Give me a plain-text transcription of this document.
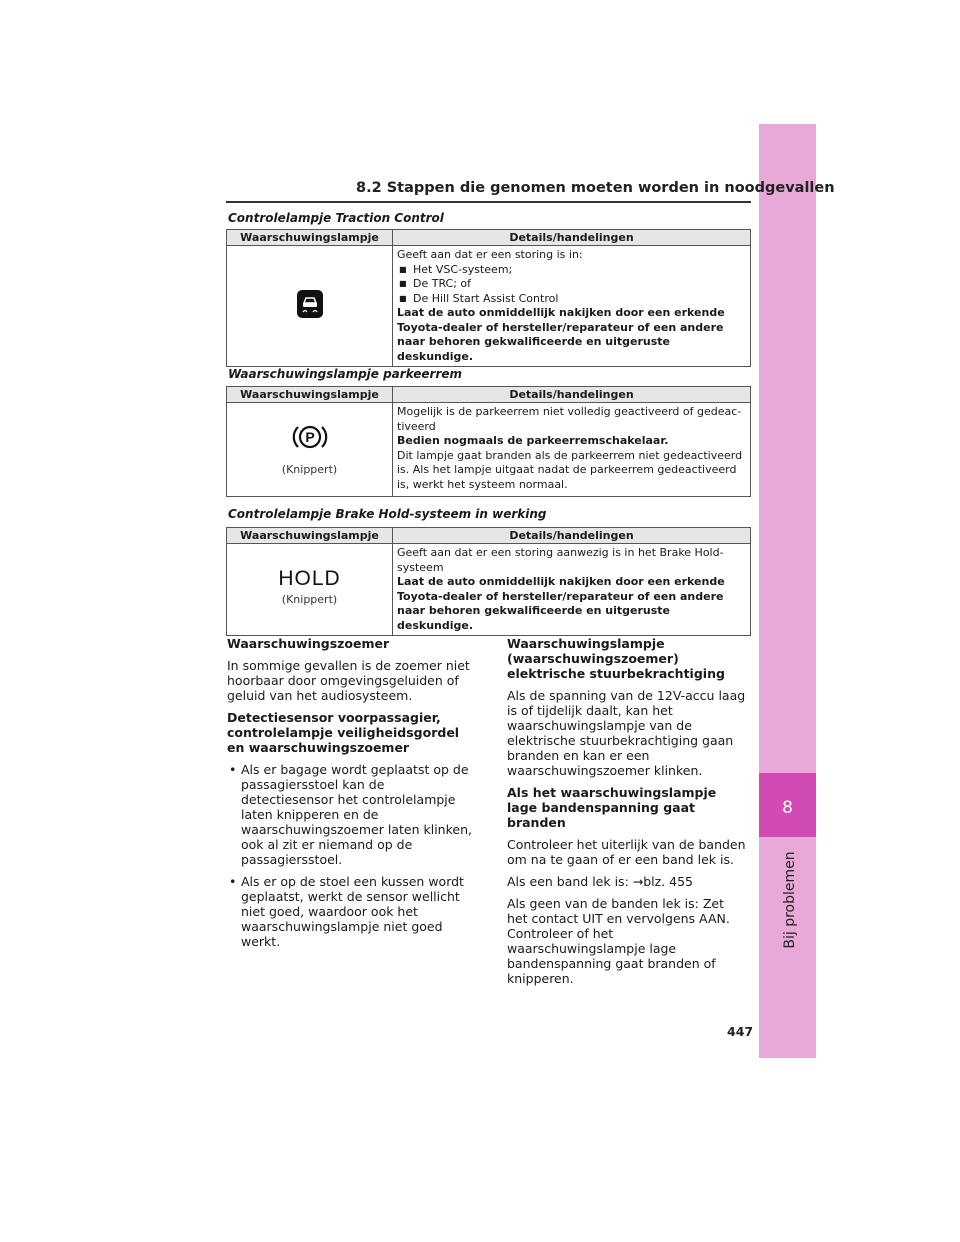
8
Bij problemen
8.2 Stappen die genomen moeten worden in noodgevallen
Controlelampje Traction Control
Waarschuwingslampje	Details/handelingen
	Geeft aan dat er een storing is in:
■ Het VSC-systeem;
■ De TRC; of
■ De Hill Start Assist Control
Laat de auto onmiddellijk nakijken door een erkende Toyota-dealer of hersteller/reparateur of een andere naar behoren gekwalificeerde en uitgeruste deskundige.
Waarschuwingslampje parkeerrem
Waarschuwingslampje	Details/handelingen

P
(Knippert)	Mogelijk is de parkeerrem niet volledig geactiveerd of gedeac-tiveerd
Bedien nogmaals de parkeerremschakelaar.
Dit lampje gaat branden als de parkeerrem niet gedeactiveerd is. Als het lampje uitgaat nadat de parkeerrem gedeactiveerd is, werkt het systeem normaal.
Controlelampje Brake Hold-systeem in werking
Waarschuwingslampje	Details/handelingen

HOLD
(Knippert)	Geeft aan dat er een storing aanwezig is in het Brake Hold-systeem
Laat de auto onmiddellijk nakijken door een erkende Toyota-dealer of hersteller/reparateur of een andere naar behoren gekwalificeerde en uitgeruste deskundige.

Waarschuwingszoemer

In sommige gevallen is de zoemer niet hoorbaar door omgevingsgeluiden of geluid van het audiosysteem.

Detectiesensor voorpassagier, controlelampje veiligheidsgordel en waarschuwingszoemer

• Als er bagage wordt geplaatst op de passagiersstoel kan de detectiesensor het controlelampje laten knipperen en de waarschuwingszoemer laten klinken, ook al zit er niemand op de passagiersstoel.
• Als er op de stoel een kussen wordt geplaatst, werkt de sensor wellicht niet goed, waardoor ook het waarschuwingslampje niet goed werkt.

Waarschuwingslampje (waarschuwingszoemer) elektrische stuurbekrachtiging

Als de spanning van de 12V-accu laag is of tijdelijk daalt, kan het waarschuwingslampje van de elektrische stuurbekrachtiging gaan branden en kan er een waarschuwingszoemer klinken.

Als het waarschuwingslampje lage bandenspanning gaat branden

Controleer het uiterlijk van de banden om na te gaan of er een band lek is.

Als een band lek is: →blz. 455

Als geen van de banden lek is: Zet het contact UIT en vervolgens AAN. Controleer of het waarschuwingslampje lage bandenspanning gaat branden of knipperen.

447
